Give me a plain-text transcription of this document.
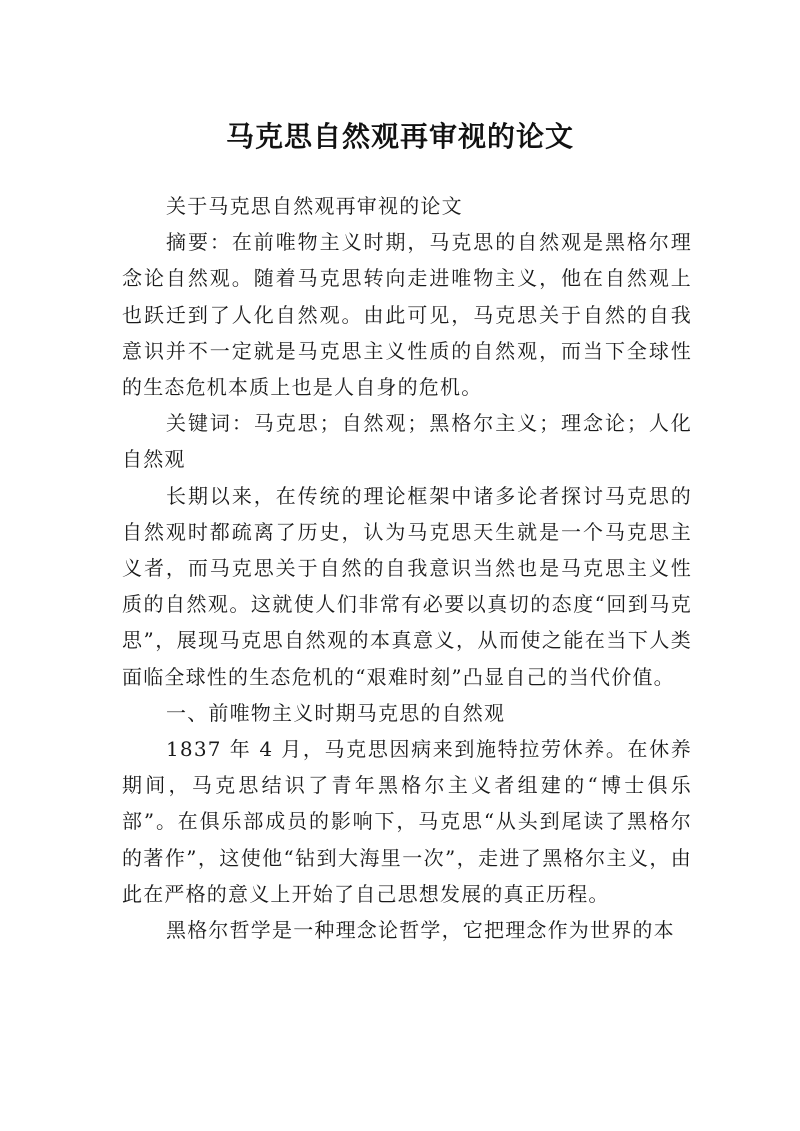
马克思自然观再审视的论文

关于马克思自然观再审视的论文

摘要：在前唯物主义时期，马克思的自然观是黑格尔理念论自然观。随着马克思转向走进唯物主义，他在自然观上也跃迁到了人化自然观。由此可见，马克思关于自然的自我意识并不一定就是马克思主义性质的自然观，而当下全球性的生态危机本质上也是人自身的危机。

关键词：马克思；自然观；黑格尔主义；理念论；人化自然观

长期以来，在传统的理论框架中诸多论者探讨马克思的自然观时都疏离了历史，认为马克思天生就是一个马克思主义者，而马克思关于自然的自我意识当然也是马克思主义性质的自然观。这就使人们非常有必要以真切的态度“回到马克思”，展现马克思自然观的本真意义，从而使之能在当下人类面临全球性的生态危机的“艰难时刻”凸显自己的当代价值。

一、前唯物主义时期马克思的自然观

1837 年 4 月，马克思因病来到施特拉劳休养。在休养期间，马克思结识了青年黑格尔主义者组建的“博士俱乐部”。在俱乐部成员的影响下，马克思“从头到尾读了黑格尔的著作”，这使他“钻到大海里一次”，走进了黑格尔主义，由此在严格的意义上开始了自己思想发展的真正历程。

黑格尔哲学是一种理念论哲学，它把理念作为世界的本
